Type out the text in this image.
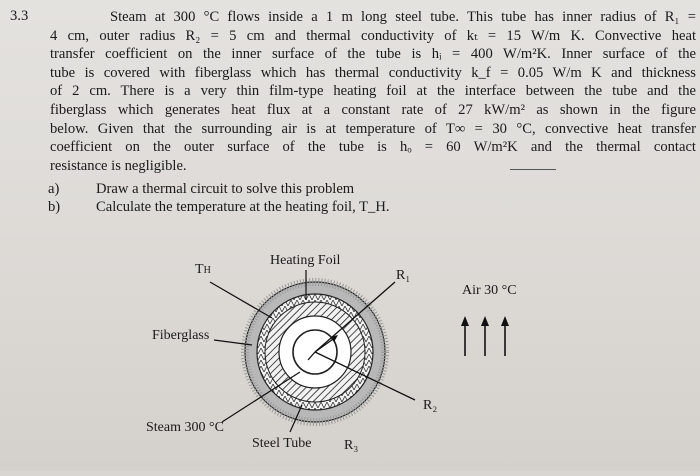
3.3	Steam at 300 °C flows inside a 1 m long steel tube. This tube has inner radius of R₁ =

4 cm, outer radius R₂ = 5 cm and thermal conductivity of kₜ = 15 W/m K. Convective heat

transfer coefficient on the inner surface of the tube is hᵢ = 400 W/m²K. Inner surface of the

tube is covered with fiberglass which has thermal conductivity k_f = 0.05 W/m K and thickness

of 2 cm. There is a very thin film-type heating foil at the interface between the tube and the

fiberglass which generates heat flux at a constant rate of 27 kW/m² as shown in the figure

below. Given that the surrounding air is at temperature of T∞ = 30 °C, convective heat transfer

coefficient on the outer surface of the tube is hₒ = 60 W/m²K and the thermal contact

resistance is negligible.

a)	Draw a thermal circuit to solve this problem
b) Calculate the temperature at the heating foil, T_H.
TH
Heating Foil
R₁
Air 30 °C
Fiberglass
R₂
Steam 300 °C
Steel Tube R₃
